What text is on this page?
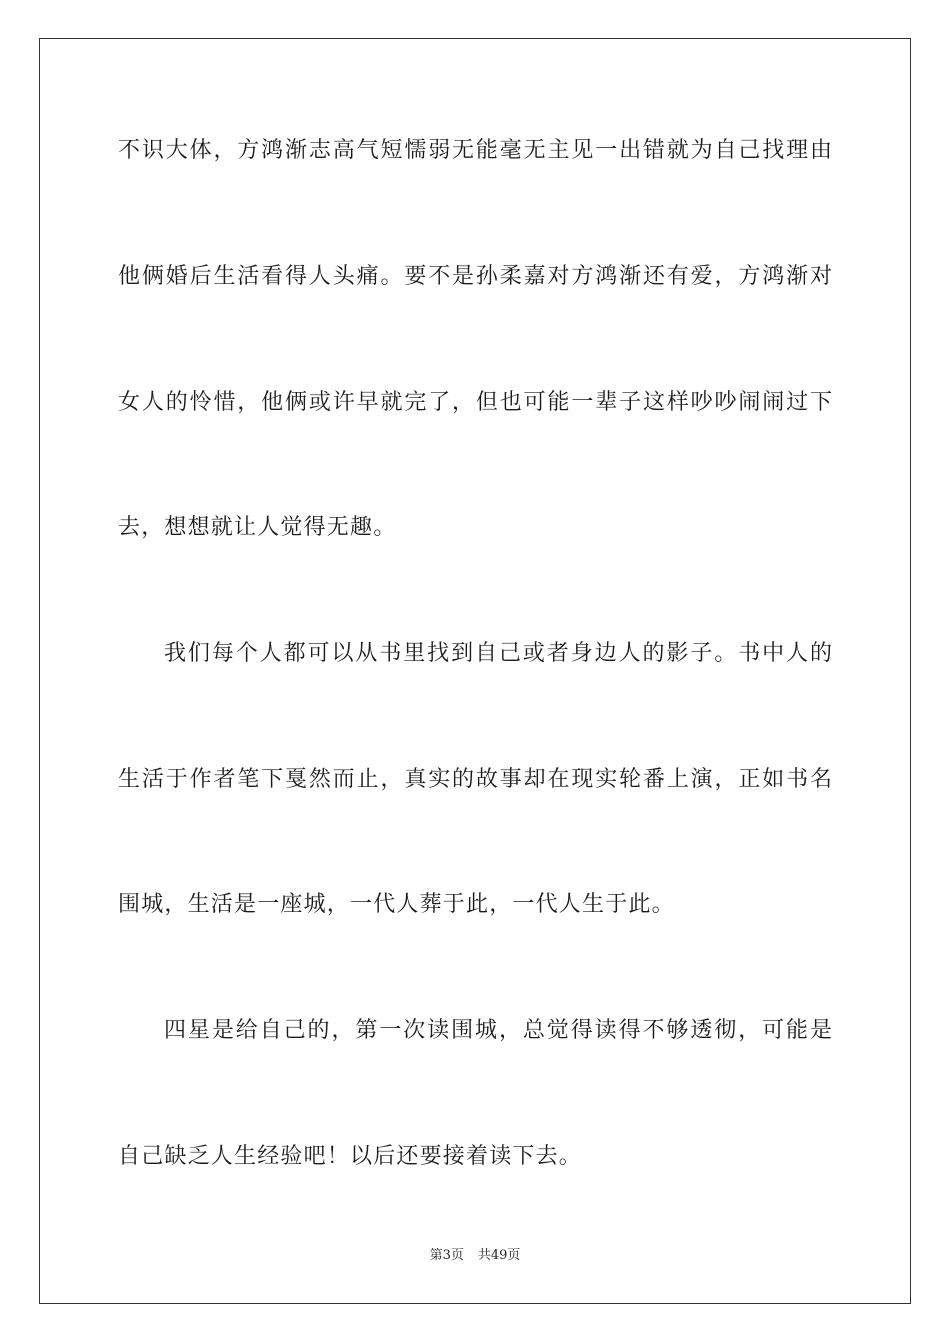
不识大体，方鸿渐志高气短懦弱无能毫无主见一出错就为自己找理由
他俩婚后生活看得人头痛。要不是孙柔嘉对方鸿渐还有爱，方鸿渐对
女人的怜惜，他俩或许早就完了，但也可能一辈子这样吵吵闹闹过下
去，想想就让人觉得无趣。
我们每个人都可以从书里找到自己或者身边人的影子。书中人的
生活于作者笔下戛然而止，真实的故事却在现实轮番上演，正如书名
围城，生活是一座城，一代人葬于此，一代人生于此。
四星是给自己的，第一次读围城，总觉得读得不够透彻，可能是
自己缺乏人生经验吧！以后还要接着读下去。
第3页 共49页
